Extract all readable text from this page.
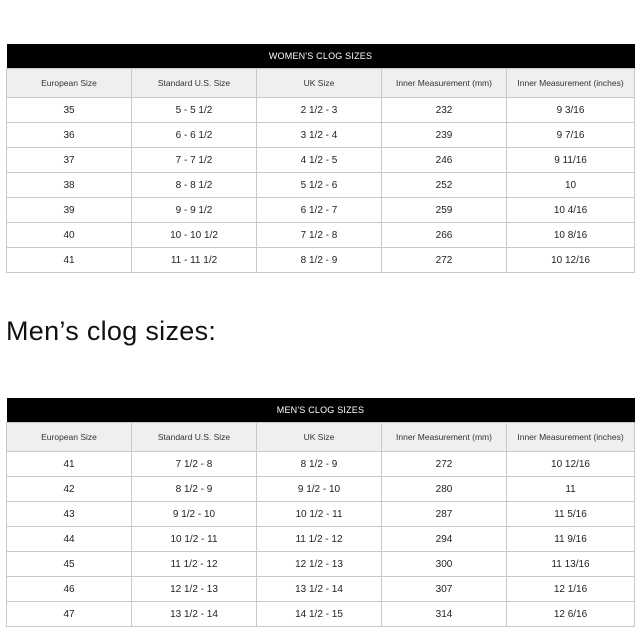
WOMEN'S CLOG SIZES				
European Size	Standard U.S. Size	UK Size	Inner Measurement (mm)	Inner Measurement (inches)
35	5 - 5 1/2	2 1/2 - 3	232	9 3/16
36	6 - 6 1/2	3 1/2 - 4	239	9 7/16
37	7 - 7 1/2	4 1/2 - 5	246	9 11/16
38	8 - 8 1/2	5 1/2 - 6	252	10
39	9 - 9 1/2	6 1/2 - 7	259	10 4/16
40	10 - 10 1/2	7 1/2 - 8	266	10 8/16
41	11 - 11 1/2	8 1/2 - 9	272	10 12/16
Men’s clog sizes:
MEN'S CLOG SIZES				
European Size	Standard U.S. Size	UK Size	Inner Measurement (mm)	Inner Measurement (inches)
41	7 1/2 - 8	8 1/2 - 9	272	10 12/16
42	8 1/2 - 9	9 1/2 - 10	280	11
43	9 1/2 - 10	10 1/2 - 11	287	11 5/16
44	10 1/2 - 11	11 1/2 - 12	294	11 9/16
45	11 1/2 - 12	12 1/2 - 13	300	11 13/16
46	12 1/2 - 13	13 1/2 - 14	307	12 1/16
47	13 1/2 - 14	14 1/2 - 15	314	12 6/16
